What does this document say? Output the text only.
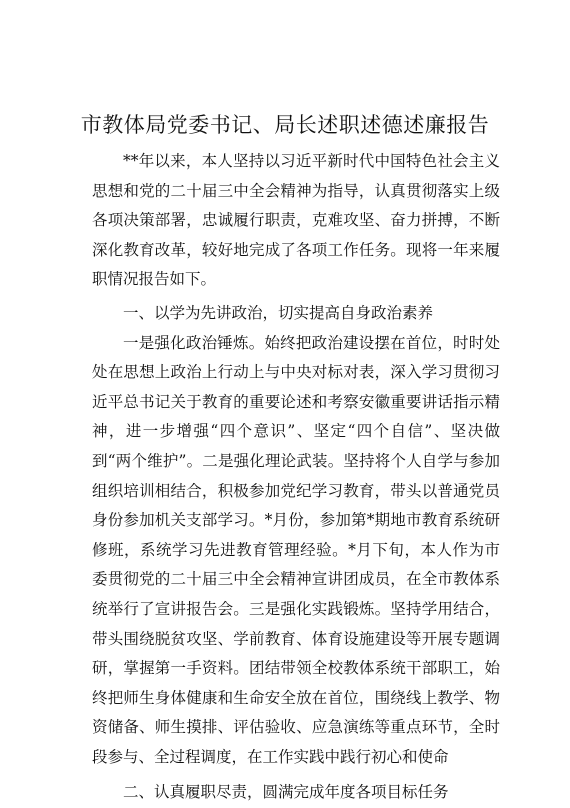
市教体局党委书记、局长述职述德述廉报告

**年以来，本人坚持以习近平新时代中国特色社会主义思想和党的二十届三中全会精神为指导，认真贯彻落实上级各项决策部署，忠诚履行职责，克难攻坚、奋力拼搏，不断深化教育改革，较好地完成了各项工作任务。现将一年来履职情况报告如下。

一、以学为先讲政治，切实提高自身政治素养

一是强化政治锤炼。始终把政治建设摆在首位，时时处处在思想上政治上行动上与中央对标对表，深入学习贯彻习近平总书记关于教育的重要论述和考察安徽重要讲话指示精神，进一步增强“四个意识”、坚定“四个自信”、坚决做到“两个维护”。二是强化理论武装。坚持将个人自学与参加组织培训相结合，积极参加党纪学习教育，带头以普通党员身份参加机关支部学习。*月份，参加第*期地市教育系统研修班，系统学习先进教育管理经验。*月下旬，本人作为市委贯彻党的二十届三中全会精神宣讲团成员，在全市教体系统举行了宣讲报告会。三是强化实践锻炼。坚持学用结合，带头围绕脱贫攻坚、学前教育、体育设施建设等开展专题调研，掌握第一手资料。团结带领全校教体系统干部职工，始终把师生身体健康和生命安全放在首位，围绕线上教学、物资储备、师生摸排、评估验收、应急演练等重点环节，全时段参与、全过程调度，在工作实践中践行初心和使命

二、认真履职尽责，圆满完成年度各项目标任务
